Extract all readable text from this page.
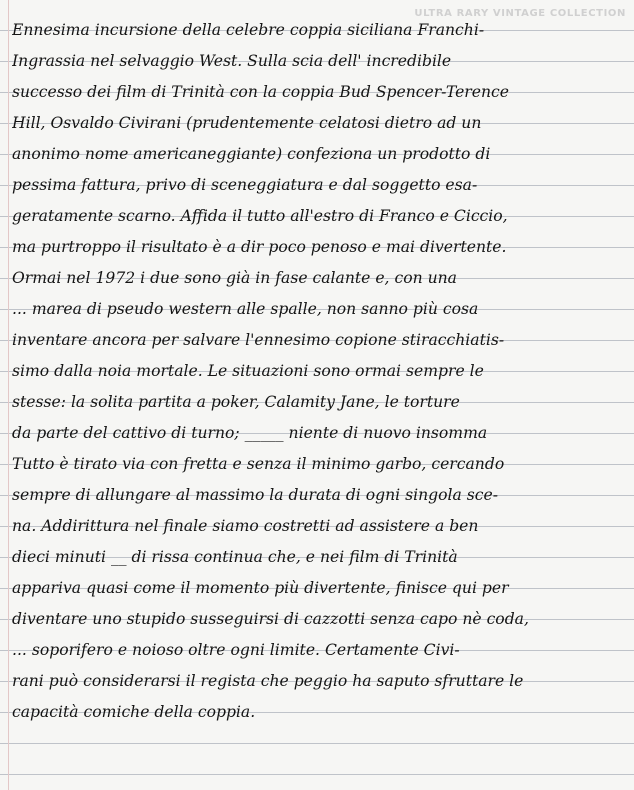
ULTRA RARY VINTAGE COLLECTION
Ennesima incursione della celebre coppia siciliana Franchi-
Ingrassia nel selvaggio West. Sulla scia dell' incredibile
successo dei film di Trinità con la coppia Bud Spencer-Terence
Hill, Osvaldo Civirani (prudentemente celatosi dietro ad un
anonimo nome americaneggiante) confeziona un prodotto di
pessima fattura, privo di sceneggiatura e dal soggetto esa-
geratamente scarno. Affida il tutto all'estro di Franco e Ciccio,
ma purtroppo il risultato è a dir poco penoso e mai divertente.
Ormai nel 1972 i due sono già in fase calante e, con una
... marea di pseudo western alle spalle, non sanno più cosa
inventare ancora per salvare l'ennesimo copione stiracchiatis-
simo dalla noia mortale. Le situazioni sono ormai sempre le
stesse: la solita partita a poker, Calamity Jane, le torture
da parte del cattivo di turno; _____ niente di nuovo insomma
Tutto è tirato via con fretta e senza il minimo garbo, cercando
sempre di allungare al massimo la durata di ogni singola sce-
na. Addirittura nel finale siamo costretti ad assistere a ben
dieci minuti __ di rissa continua che, e nei film di Trinità
appariva quasi come il momento più divertente, finisce qui per
diventare uno stupido susseguirsi di cazzotti senza capo nè coda,
... soporifero e noioso oltre ogni limite. Certamente Civi-
rani può considerarsi il regista che peggio ha saputo sfruttare le
capacità comiche della coppia.
